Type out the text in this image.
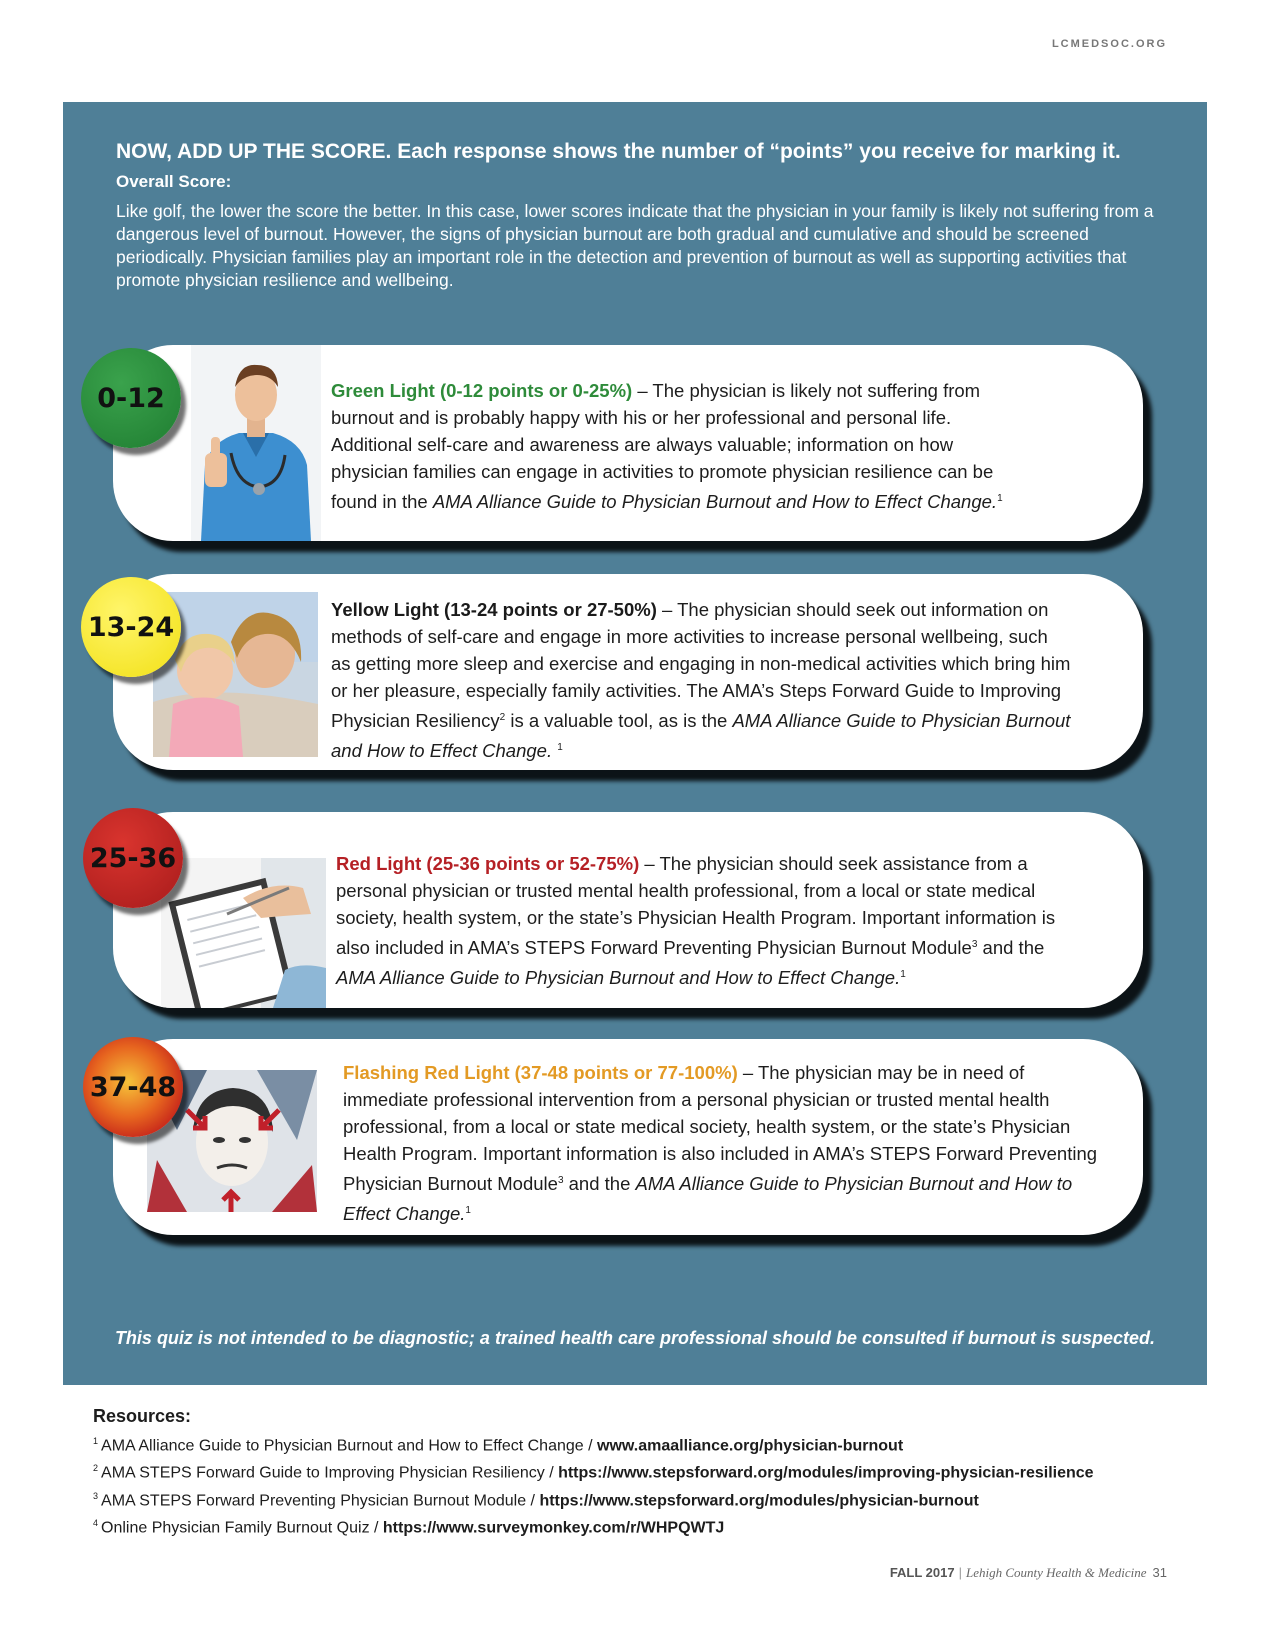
LCMEDSOC.ORG

NOW, ADD UP THE SCORE. Each response shows the number of “points” you receive for marking it.

Overall Score:

Like golf, the lower the score the better. In this case, lower scores indicate that the physician in your family is likely not suffering from a dangerous level of burnout. However, the signs of physician burnout are both gradual and cumulative and should be screened periodically. Physician families play an important role in the detection and prevention of burnout as well as supporting activities that promote physician resilience and wellbeing.

Green Light (0-12 points or 0-25%) – The physician is likely not suffering from burnout and is probably happy with his or her professional and personal life. Additional self-care and awareness are always valuable; information on how physician families can engage in activities to promote physician resilience can be found in the AMA Alliance Guide to Physician Burnout and How to Effect Change.$^1$
Yellow Light (13-24 points or 27-50%) – The physician should seek out information on methods of self-care and engage in more activities to increase personal wellbeing, such as getting more sleep and exercise and engaging in non-medical activities which bring him or her pleasure, especially family activities. The AMA’s Steps Forward Guide to Improving Physician Resiliency$^2$ is a valuable tool, as is the AMA Alliance Guide to Physician Burnout and How to Effect Change. $^1$
Red Light (25-36 points or 52-75%) – The physician should seek assistance from a personal physician or trusted mental health professional, from a local or state medical society, health system, or the state’s Physician Health Program. Important information is also included in AMA’s STEPS Forward Preventing Physician Burnout Module$^3$ and the AMA Alliance Guide to Physician Burnout and How to Effect Change.$^1$
Flashing Red Light (37-48 points or 77-100%) – The physician may be in need of immediate professional intervention from a personal physician or trusted mental health professional, from a local or state medical society, health system, or the state’s Physician Health Program. Important information is also included in AMA’s STEPS Forward Preventing Physician Burnout Module$^3$ and the AMA Alliance Guide to Physician Burnout and How to Effect Change.$^1$
0-12
13-24
25-36
37-48
This quiz is not intended to be diagnostic; a trained health care professional should be consulted if burnout is suspected.
Resources:
$^1$ AMA Alliance Guide to Physician Burnout and How to Effect Change / www.amaalliance.org/physician-burnout
$^2$ AMA STEPS Forward Guide to Improving Physician Resiliency / https://www.stepsforward.org/modules/improving-physician-resilience
$^3$ AMA STEPS Forward Preventing Physician Burnout Module / https://www.stepsforward.org/modules/physician-burnout
$^4$ Online Physician Family Burnout Quiz / https://www.surveymonkey.com/r/WHPQWTJ
FALL 2017 | Lehigh County Health & Medicine 31
